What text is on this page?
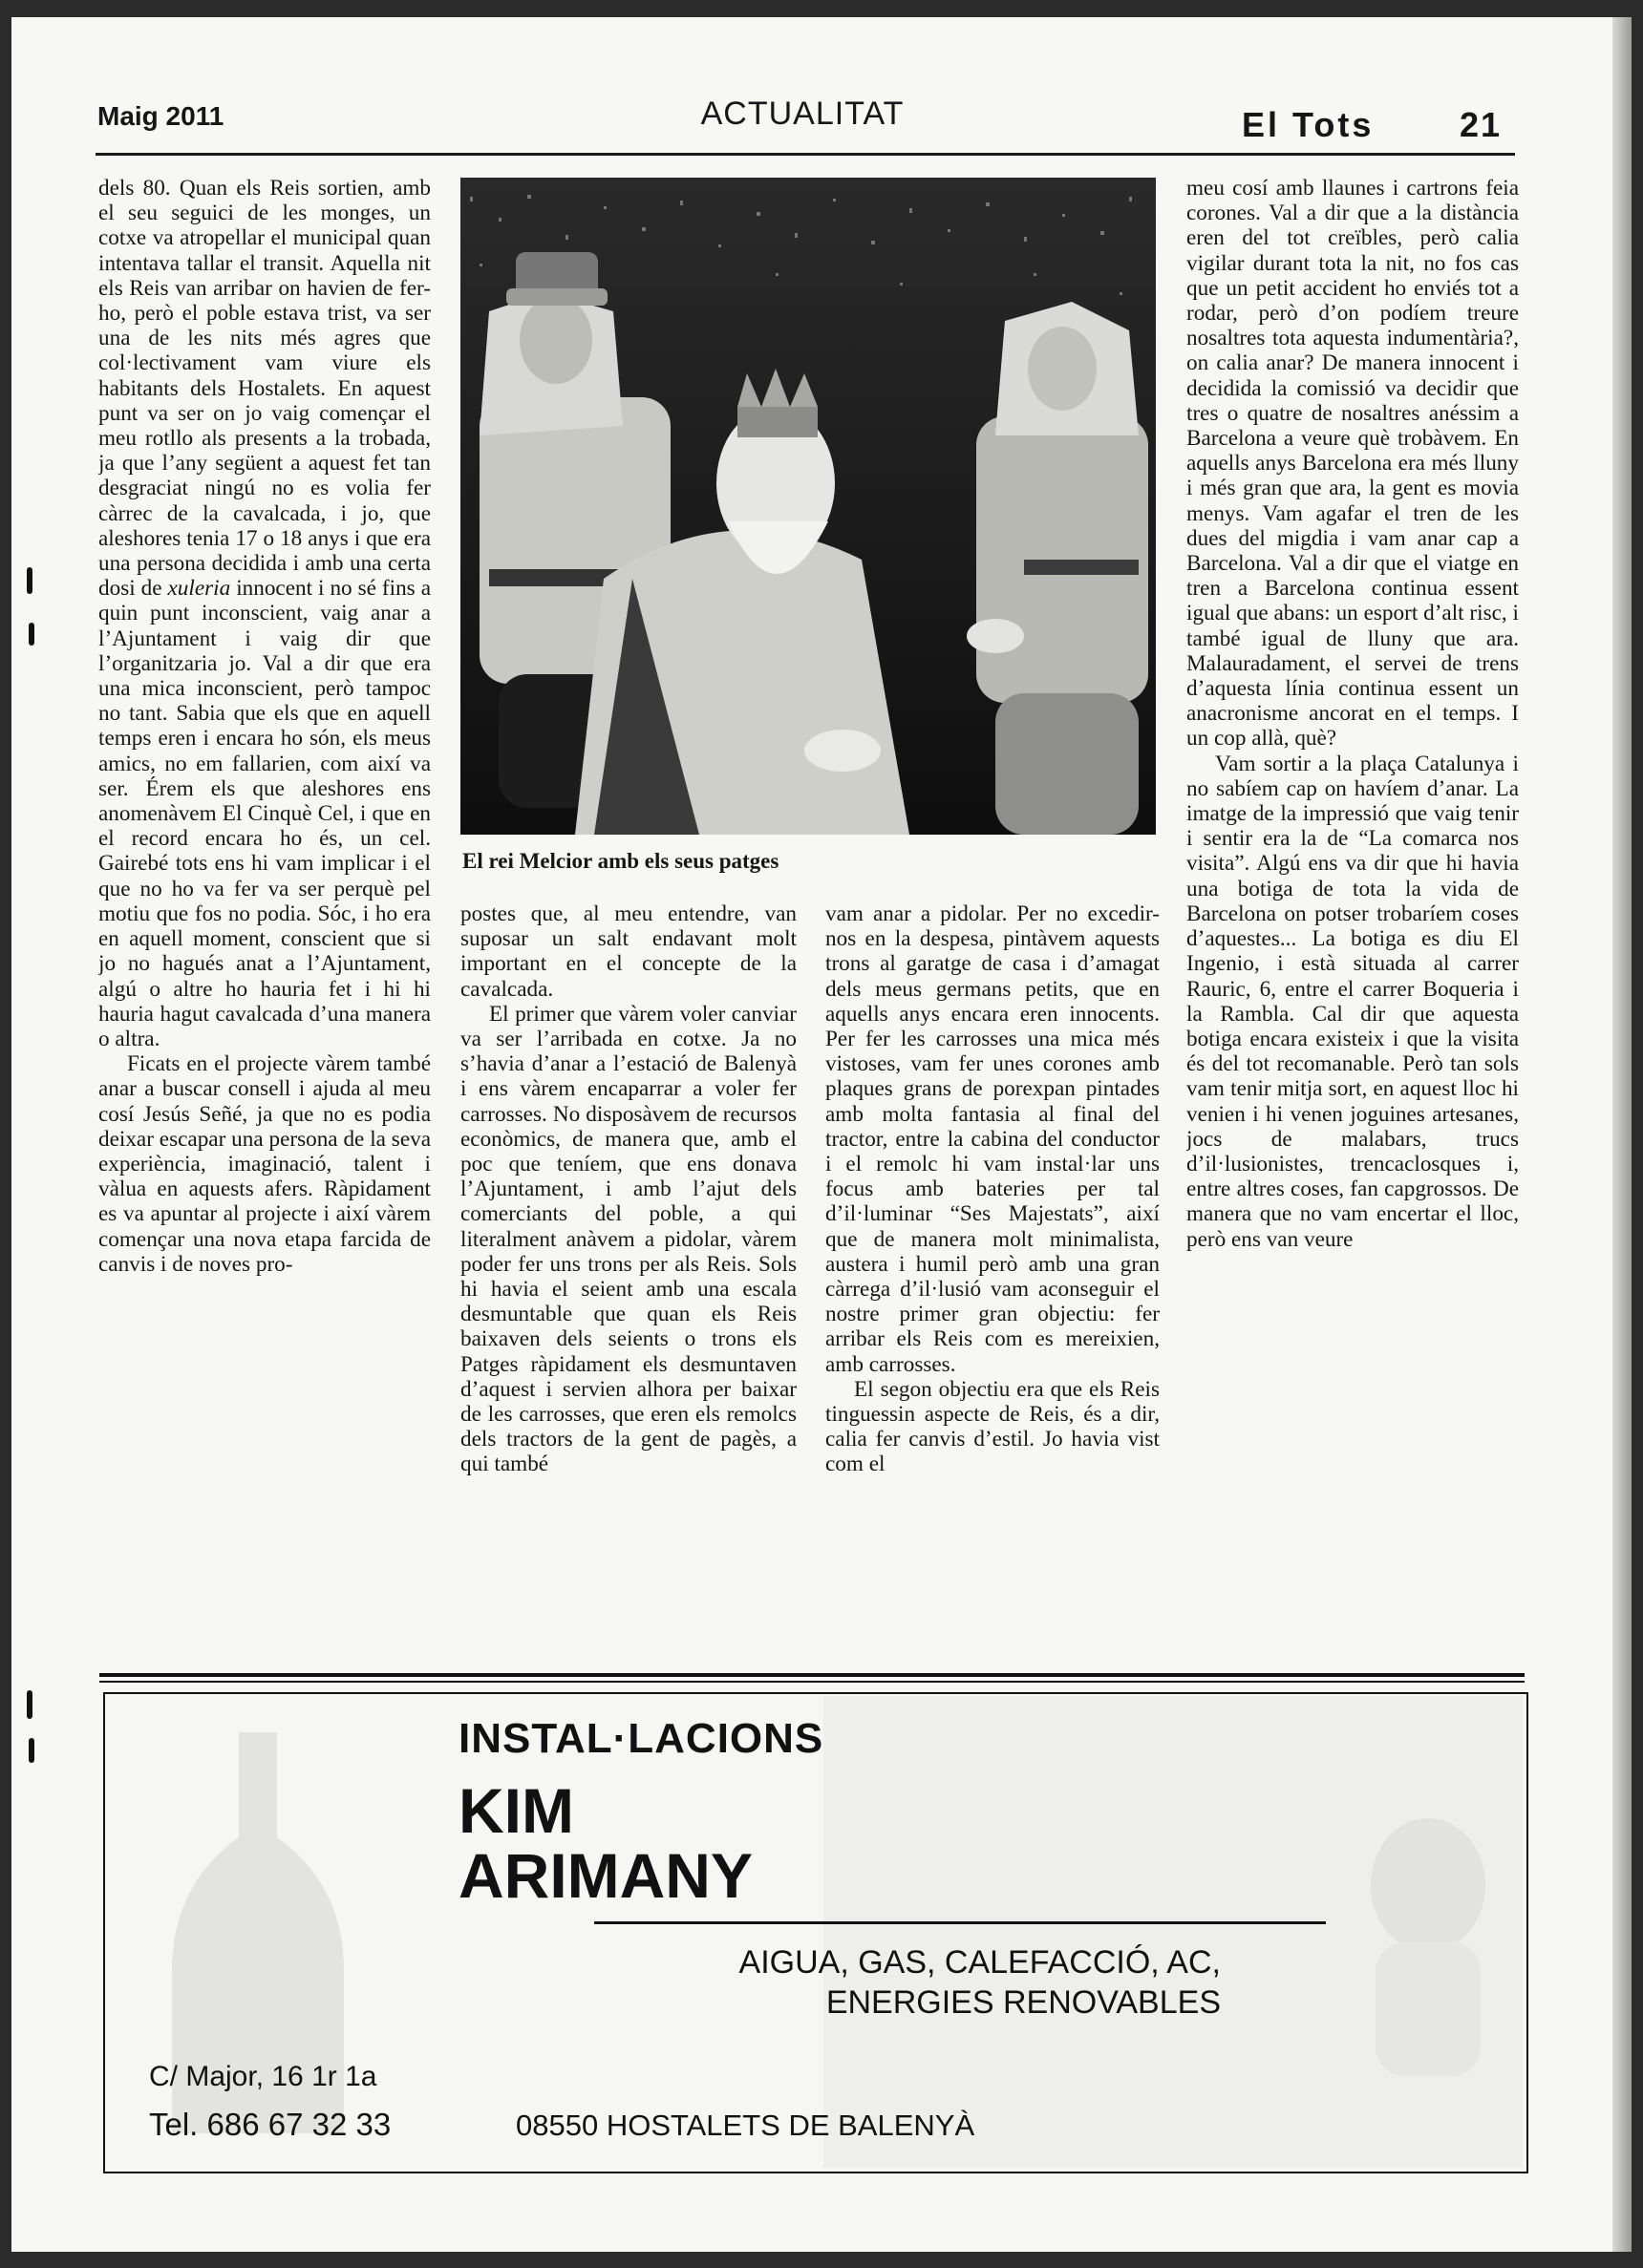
Maig 2011	ACTUALITAT	El Tots 21

dels 80. Quan els Reis sortien, amb el seu seguici de les monges, un cotxe va atropellar el municipal quan intentava tallar el transit. Aquella nit els Reis van arribar on havien de fer-ho, però el poble estava trist, va ser una de les nits més agres que col·lectivament vam viure els habitants dels Hostalets. En aquest punt va ser on jo vaig començar el meu rotllo als presents a la trobada, ja que l’any següent a aquest fet tan desgraciat ningú no es volia fer càrrec de la cavalcada, i jo, que aleshores tenia 17 o 18 anys i que era una persona decidida i amb una certa dosi de xuleria innocent i no sé fins a quin punt inconscient, vaig anar a l’Ajuntament i vaig dir que l’organitzaria jo. Val a dir que era una mica inconscient, però tampoc no tant. Sabia que els que en aquell temps eren i encara ho són, els meus amics, no em fallarien, com així va ser. Érem els que aleshores ens anomenàvem El Cinquè Cel, i que en el record encara ho és, un cel. Gairebé tots ens hi vam implicar i el que no ho va fer va ser perquè pel motiu que fos no podia. Sóc, i ho era en aquell moment, conscient que si jo no hagués anat a l’Ajuntament, algú o altre ho hauria fet i hi hi hauria hagut cavalcada d’una manera o altra.

Ficats en el projecte vàrem també anar a buscar consell i ajuda al meu cosí Jesús Señé, ja que no es podia deixar escapar una persona de la seva experiència, imaginació, talent i vàlua en aquests afers. Ràpidament es va apuntar al projecte i així vàrem començar una nova etapa farcida de canvis i de noves pro-

El rei Melcior amb els seus patges

postes que, al meu entendre, van suposar un salt endavant molt important en el concepte de la cavalcada.

El primer que vàrem voler canviar va ser l’arribada en cotxe. Ja no s’havia d’anar a l’estació de Balenyà i ens vàrem encaparrar a voler fer carrosses. No disposàvem de recursos econòmics, de manera que, amb el poc que teníem, que ens donava l’Ajuntament, i amb l’ajut dels comerciants del poble, a qui literalment anàvem a pidolar, vàrem poder fer uns trons per als Reis. Sols hi havia el seient amb una escala desmuntable que quan els Reis baixaven dels seients o trons els Patges ràpidament els desmuntaven d’aquest i servien alhora per baixar de les carrosses, que eren els remolcs dels tractors de la gent de pagès, a qui també

vam anar a pidolar. Per no excedir-nos en la despesa, pintàvem aquests trons al garatge de casa i d’amagat dels meus germans petits, que en aquells anys encara eren innocents. Per fer les carrosses una mica més vistoses, vam fer unes corones amb plaques grans de porexpan pintades amb molta fantasia al final del tractor, entre la cabina del conductor i el remolc hi vam instal·lar uns focus amb bateries per tal d’il·luminar “Ses Majestats”, així que de manera molt minimalista, austera i humil però amb una gran càrrega d’il·lusió vam aconseguir el nostre primer gran objectiu: fer arribar els Reis com es mereixien, amb carrosses.

El segon objectiu era que els Reis tinguessin aspecte de Reis, és a dir, calia fer canvis d’estil. Jo havia vist com el

meu cosí amb llaunes i cartrons feia corones. Val a dir que a la distància eren del tot creïbles, però calia vigilar durant tota la nit, no fos cas que un petit accident ho enviés tot a rodar, però d’on podíem treure nosaltres tota aquesta indumentària?, on calia anar? De manera innocent i decidida la comissió va decidir que tres o quatre de nosaltres anéssim a Barcelona a veure què trobàvem. En aquells anys Barcelona era més lluny i més gran que ara, la gent es movia menys. Vam agafar el tren de les dues del migdia i vam anar cap a Barcelona. Val a dir que el viatge en tren a Barcelona continua essent igual que abans: un esport d’alt risc, i també igual de lluny que ara. Malauradament, el servei de trens d’aquesta línia continua essent un anacronisme ancorat en el temps. I un cop allà, què?

Vam sortir a la plaça Catalunya i no sabíem cap on havíem d’anar. La imatge de la impressió que vaig tenir i sentir era la de “La comarca nos visita”. Algú ens va dir que hi havia una botiga de tota la vida de Barcelona on potser trobaríem coses d’aquestes... La botiga es diu El Ingenio, i està situada al carrer Rauric, 6, entre el carrer Boqueria i la Rambla. Cal dir que aquesta botiga encara existeix i que la visita és del tot recomanable. Però tan sols vam tenir mitja sort, en aquest lloc hi venien i hi venen joguines artesanes, jocs de malabars, trucs d’il·lusionistes, trencaclosques i, entre altres coses, fan capgrossos. De manera que no vam encertar el lloc, però ens van veure

INSTAL·LACIONS
KIM
ARIMANY
AIGUA, GAS, CALEFACCIÓ, AC,
ENERGIES RENOVABLES
C/ Major, 16 1r 1a
Tel. 686 67 32 33	08550 HOSTALETS DE BALENYÀ
